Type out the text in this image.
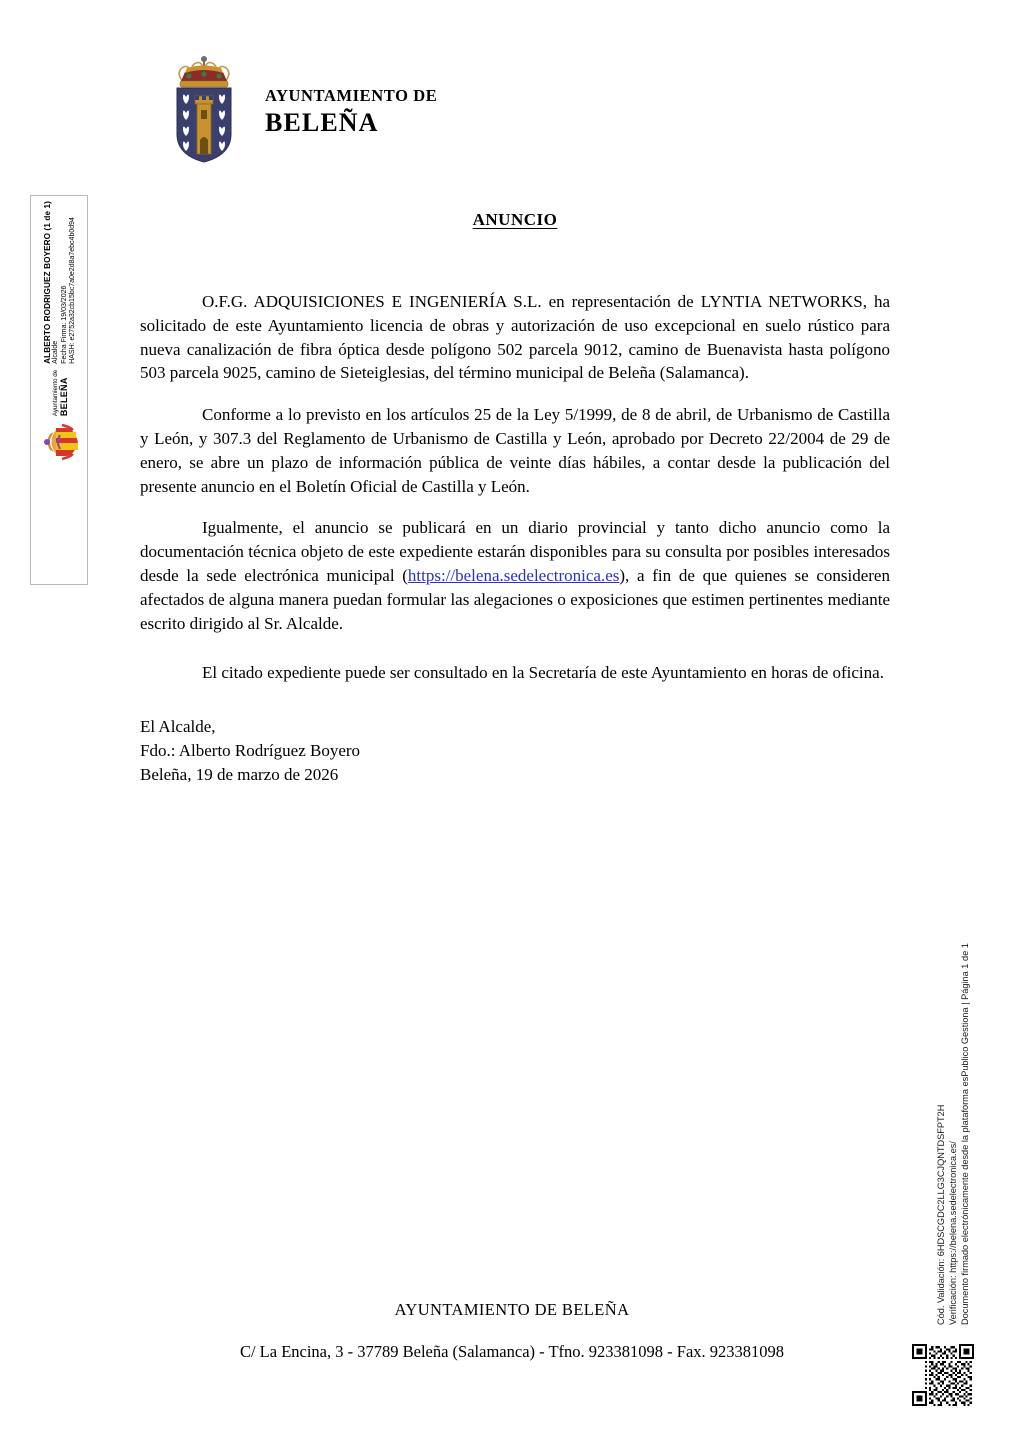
AYUNTAMIENTO DE
BELEÑA
ALBERTO RODRIGUEZ BOYERO (1 de 1) Alcalde Fecha Firma: 19/03/2026 HASH: e2752a32cb15bc7a0e2d8a7ebc4b0d94
Ayuntamiento de BELEÑA
ANUNCIO

O.F.G. ADQUISICIONES E INGENIERÍA S.L. en representación de LYNTIA NETWORKS, ha solicitado de este Ayuntamiento licencia de obras y autorización de uso excepcional en suelo rústico para nueva canalización de fibra óptica desde polígono 502 parcela 9012, camino de Buenavista hasta polígono 503 parcela 9025, camino de Sieteiglesias, del término municipal de Beleña (Salamanca).

Conforme a lo previsto en los artículos 25 de la Ley 5/1999, de 8 de abril, de Urbanismo de Castilla y León, y 307.3 del Reglamento de Urbanismo de Castilla y León, aprobado por Decreto 22/2004 de 29 de enero, se abre un plazo de información pública de veinte días hábiles, a contar desde la publicación del presente anuncio en el Boletín Oficial de Castilla y León.

Igualmente, el anuncio se publicará en un diario provincial y tanto dicho anuncio como la documentación técnica objeto de este expediente estarán disponibles para su consulta por posibles interesados desde la sede electrónica municipal (https://belena.sedelectronica.es), a fin de que quienes se consideren afectados de alguna manera puedan formular las alegaciones o exposiciones que estimen pertinentes mediante escrito dirigido al Sr. Alcalde.

El citado expediente puede ser consultado en la Secretaría de este Ayuntamiento en horas de oficina.

El Alcalde,

Fdo.: Alberto Rodríguez Boyero

Beleña, 19 de marzo de 2026

Cód. Validación: 6HDSCGDC2LLG3CJQNTDSFPT2H Verificación: https://belena.sedelectronica.es/ Documento firmado electrónicamente desde la plataforma esPublico Gestiona | Página 1 de 1
AYUNTAMIENTO DE BELEÑA
C/ La Encina, 3 - 37789 Beleña (Salamanca) - Tfno. 923381098 - Fax. 923381098
